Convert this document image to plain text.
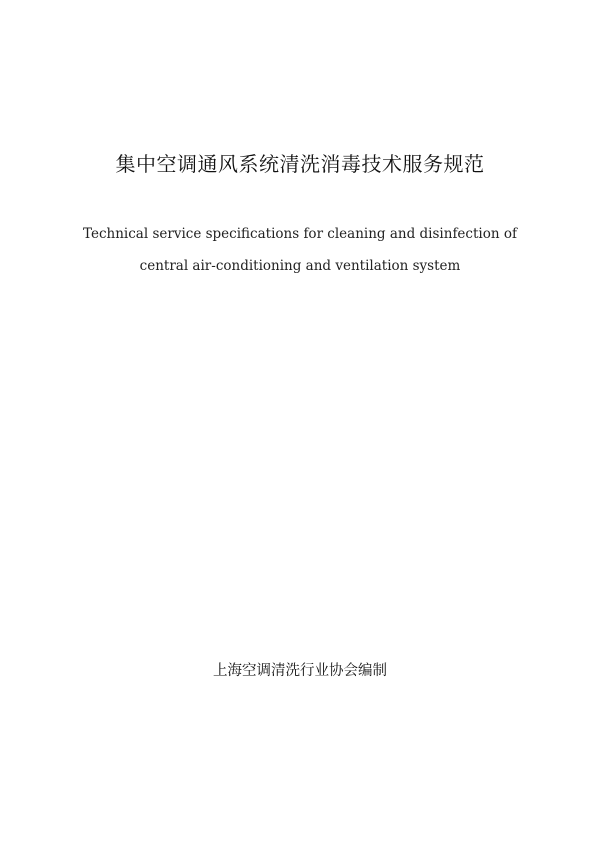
集中空调通风系统清洗消毒技术服务规范
Technical service specifications for cleaning and disinfection of
central air-conditioning and ventilation system
上海空调清洗行业协会编制
